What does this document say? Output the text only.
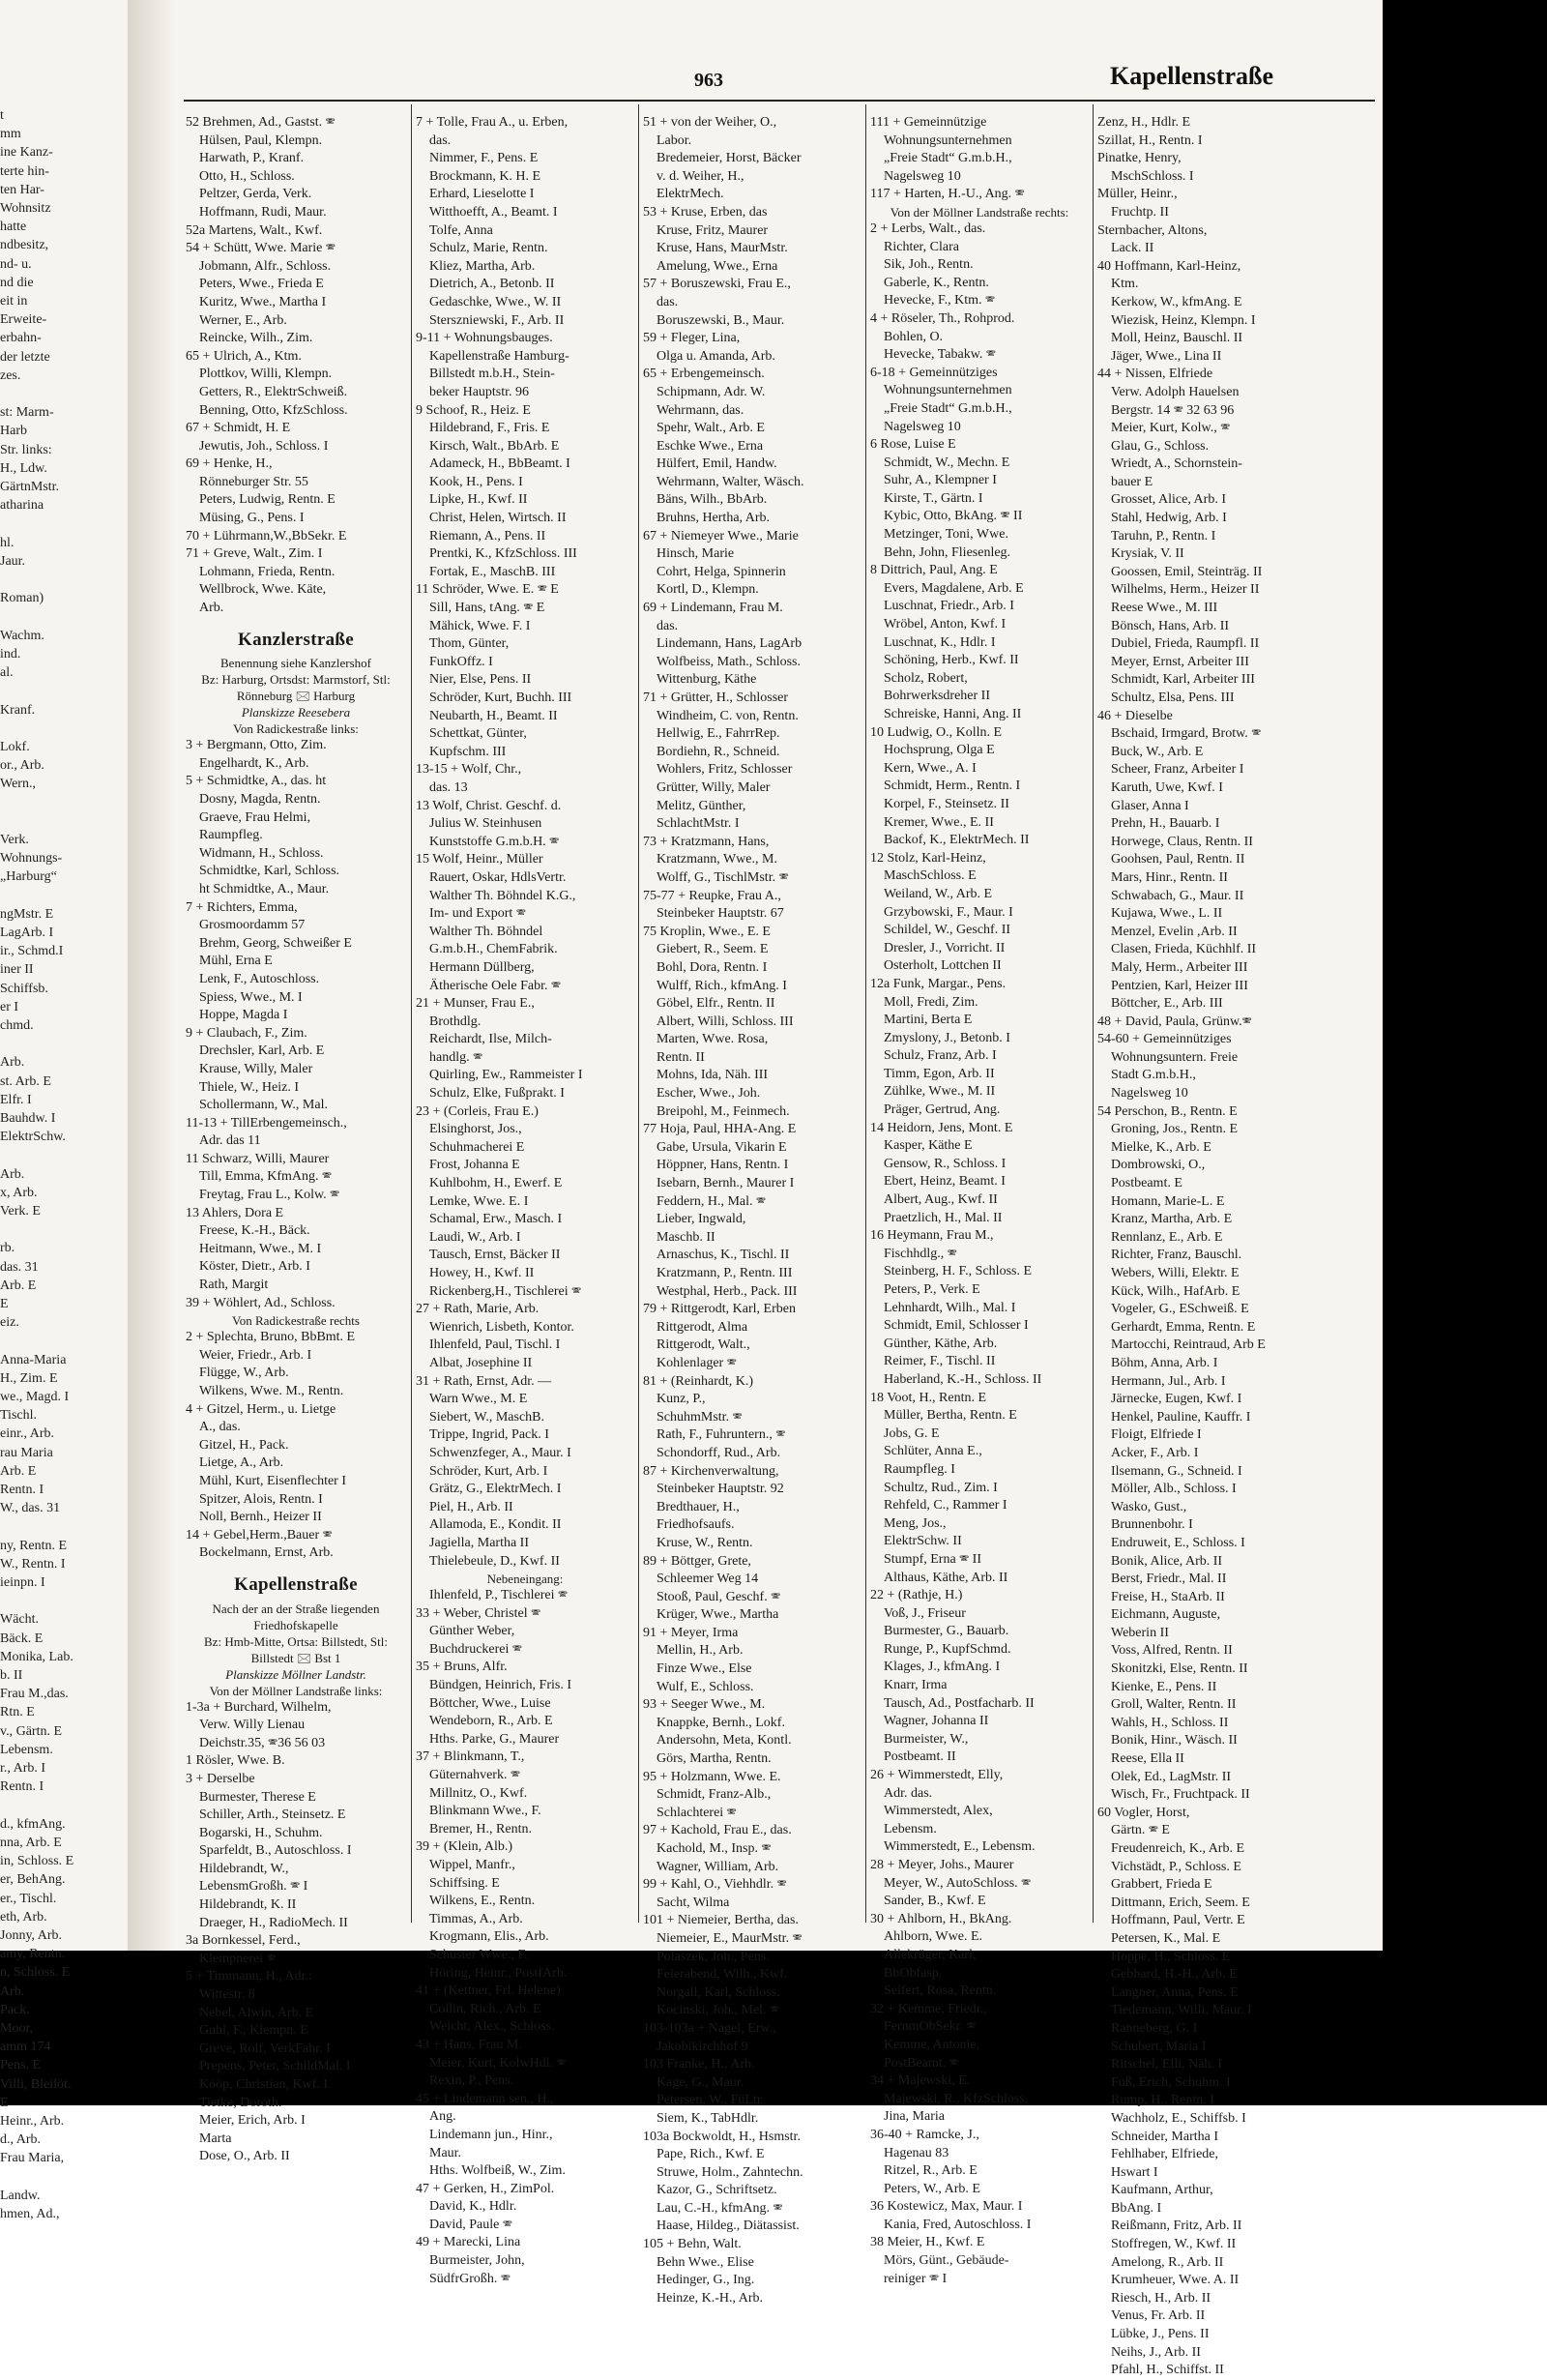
t
mm
ine Kanz-
terte hin-
ten Har-
Wohnsitz
hatte
ndbesitz,
nd- u.
nd die
eit in
Erweite-
erbahn-
der letzte
zes.

st: Marm-
Harb
Str. links:
H., Ldw.
GärtnMstr.
atharina

hl.
Jaur.

Roman)

Wachm.
ind.
al.

Kranf.

Lokf.
or., Arb.
Wern.,

Verk.
Wohnungs-
„Harburg“

ngMstr. E
LagArb. I
ir., Schmd.I
iner II
Schiffsb.
er I
chmd.

Arb.
st. Arb. E
Elfr. I
Bauhdw. I
ElektrSchw.

Arb.
x, Arb.
Verk. E

rb.
das. 31
Arb. E
E
eiz.

Anna-Maria
H., Zim. E
we., Magd. I
Tischl.
einr., Arb.
rau Maria
Arb. E
Rentn. I
W., das. 31

ny, Rentn. E
W., Rentn. I
ieinpn. I

Wächt.
Bäck. E
Monika, Lab.
b. II
Frau M.,das.
Rtn. E
v., Gärtn. E
Lebensm.
r., Arb. I
Rentn. I

d., kfmAng.
nna, Arb. E
in, Schloss. E
er, BehAng.
er., Tischl.
eth, Arb.
Jonny, Arb.
amy, Rentn.
n, Schloss. E
Arb.
Pack.
Moor,
amm 174
Pens. E
Villi, Bleilöt.
E
Heinr., Arb.
d., Arb.
Frau Maria,

Landw.
hmen, Ad.,
963	Kapellenstraße
52 Brehmen, Ad., Gastst. 🕾
Hülsen, Paul, Klempn.
Harwath, P., Kranf.
Otto, H., Schloss.
Peltzer, Gerda, Verk.
Hoffmann, Rudi, Maur.
52a Martens, Walt., Kwf.
54 + Schütt, Wwe. Marie 🕾
Jobmann, Alfr., Schloss.
Peters, Wwe., Frieda E
Kuritz, Wwe., Martha I
Werner, E., Arb.
Reincke, Wilh., Zim.
65 + Ulrich, A., Ktm.
Plottkov, Willi, Klempn.
Getters, R., ElektrSchweiß.
Benning, Otto, KfzSchloss.
67 + Schmidt, H. E
Jewutis, Joh., Schloss. I
69 + Henke, H.,
Rönneburger Str. 55
Peters, Ludwig, Rentn. E
Müsing, G., Pens. I
70 + Lührmann,W.,BbSekr. E
71 + Greve, Walt., Zim. I
Lohmann, Frieda, Rentn.
Wellbrock, Wwe. Käte,
Arb.
Kanzlerstraße
Benennung siehe Kanzlershof
Bz: Harburg, Ortsdst: Marmstorf, Stl: Rönneburg 🖂 Harburg
Planskizze Reesebera
Von Radickestraße links:
3 + Bergmann, Otto, Zim.
Engelhardt, K., Arb.
5 + Schmidtke, A., das. ht
Dosny, Magda, Rentn.
Graeve, Frau Helmi,
Raumpfleg.
Widmann, H., Schloss.
Schmidtke, Karl, Schloss.
ht Schmidtke, A., Maur.
7 + Richters, Emma,
Grosmoordamm 57
Brehm, Georg, Schweißer E
Mühl, Erna E
Lenk, F., Autoschloss.
Spiess, Wwe., M. I
Hoppe, Magda I
9 + Claubach, F., Zim.
Drechsler, Karl, Arb. E
Krause, Willy, Maler
Thiele, W., Heiz. I
Schollermann, W., Mal.
11-13 + TillErbengemeinsch.,
Adr. das 11
11 Schwarz, Willi, Maurer
Till, Emma, KfmAng. 🕾
Freytag, Frau L., Kolw. 🕾
13 Ahlers, Dora E
Freese, K.-H., Bäck.
Heitmann, Wwe., M. I
Köster, Dietr., Arb. I
Rath, Margit
39 + Wöhlert, Ad., Schloss.
Von Radickestraße rechts
2 + Splechta, Bruno, BbBmt. E
Weier, Friedr., Arb. I
Flügge, W., Arb.
Wilkens, Wwe. M., Rentn.
4 + Gitzel, Herm., u. Lietge
A., das.
Gitzel, H., Pack.
Lietge, A., Arb.
Mühl, Kurt, Eisenflechter I
Spitzer, Alois, Rentn. I
Noll, Bernh., Heizer II
14 + Gebel,Herm.,Bauer 🕾
Bockelmann, Ernst, Arb.
Kapellenstraße
Nach der an der Straße liegenden Friedhofskapelle
Bz: Hmb-Mitte, Ortsa: Billstedt, Stl: Billstedt 🖂 Bst 1
Planskizze Möllner Landstr.
Von der Möllner Landstraße links:
1-3a + Burchard, Wilhelm,
Verw. Willy Lienau
Deichstr.35, 🕾36 56 03
1 Rösler, Wwe. B.
3 + Derselbe
Burmester, Therese E
Schiller, Arth., Steinsetz. E
Bogarski, H., Schuhm.
Sparfeldt, B., Autoschloss. I
Hildebrandt, W.,
LebensmGroßh. 🕾 I
Hildebrandt, K. II
Draeger, H., RadioMech. II
3a Bornkessel, Ferd.,
Klempnerei 🕾
5 + Timmann, H., Adr.:
Wittestr. 8
Nebel, Alwin, Arb. E
Guhl, F., Klempn. E
Greve, Rolf, VerkFahr. I
Prepens, Peter, SchildMal. I
Kööp, Christian, Kwf. I
Tietke, Doroth.
Meier, Erich, Arb. I
Marta
Dose, O., Arb. II
7 + Tolle, Frau A., u. Erben,
das.
Nimmer, F., Pens. E
Brockmann, K. H. E
Erhard, Lieselotte I
Witthoefft, A., Beamt. I
Tolfe, Anna
Schulz, Marie, Rentn.
Kliez, Martha, Arb.
Dietrich, A., Betonb. II
Gedaschke, Wwe., W. II
Sterszniewski, F., Arb. II
9-11 + Wohnungsbauges.
Kapellenstraße Hamburg-
Billstedt m.b.H., Stein-
beker Hauptstr. 96
9 Schoof, R., Heiz. E
Hildebrand, F., Fris. E
Kirsch, Walt., BbArb. E
Adameck, H., BbBeamt. I
Kook, H., Pens. I
Lipke, H., Kwf. II
Christ, Helen, Wirtsch. II
Riemann, A., Pens. II
Prentki, K., KfzSchloss. III
Fortak, E., MaschB. III
11 Schröder, Wwe. E. 🕾 E
Sill, Hans, tAng. 🕾 E
Mähick, Wwe. F. I
Thom, Günter,
FunkOffz. I
Nier, Else, Pens. II
Schröder, Kurt, Buchh. III
Neubarth, H., Beamt. II
Schettkat, Günter,
Kupfschm. III
13-15 + Wolf, Chr.,
das. 13
13 Wolf, Christ. Geschf. d.
Julius W. Steinhusen
Kunststoffe G.m.b.H. 🕾
15 Wolf, Heinr., Müller
Rauert, Oskar, HdlsVertr.
Walther Th. Böhndel K.G.,
Im- und Export 🕾
Walther Th. Böhndel
G.m.b.H., ChemFabrik.
Hermann Düllberg,
Ätherische Oele Fabr. 🕾
21 + Munser, Frau E.,
Brothdlg.
Reichardt, Ilse, Milch-
handlg. 🕾
Quirling, Ew., Rammeister I
Schulz, Elke, Fußprakt. I
23 + (Corleis, Frau E.)
Elsinghorst, Jos.,
Schuhmacherei E
Frost, Johanna E
Kuhlbohm, H., Ewerf. E
Lemke, Wwe. E. I
Schamal, Erw., Masch. I
Laudi, W., Arb. I
Tausch, Ernst, Bäcker II
Howey, H., Kwf. II
Rickenberg,H., Tischlerei 🕾
27 + Rath, Marie, Arb.
Wienrich, Lisbeth, Kontor.
Ihlenfeld, Paul, Tischl. I
Albat, Josephine II
31 + Rath, Ernst, Adr. —
Warn Wwe., M. E
Siebert, W., MaschB.
Trippe, Ingrid, Pack. I
Schwenzfeger, A., Maur. I
Schröder, Kurt, Arb. I
Grätz, G., ElektrMech. I
Piel, H., Arb. II
Allamoda, E., Kondit. II
Jagiella, Martha II
Thielebeule, D., Kwf. II
Nebeneingang:
Ihlenfeld, P., Tischlerei 🕾
33 + Weber, Christel 🕾
Günther Weber,
Buchdruckerei 🕾
35 + Bruns, Alfr.
Bündgen, Heinrich, Fris. I
Böttcher, Wwe., Luise
Wendeborn, R., Arb. E
Hths. Parke, G., Maurer
37 + Blinkmann, T.,
Güternahverk. 🕾
Millnitz, O., Kwf.
Blinkmann Wwe., F.
Bremer, H., Rentn.
39 + (Klein, Alb.)
Wippel, Manfr.,
Schiffsing. E
Wilkens, E., Rentn.
Timmas, A., Arb.
Krogmann, Elis., Arb.
Schuster Wwe., F.
Höring, Heinr., PostfArb.
41 + (Kettner, Frl. Helene)
Collin, Rich., Arb. E
Weicht, Alex., Schloss.
43 + Hans, Frau M.
Meier, Kurt, KolwHdl. 🕾
Rexin, P., Pens.
45 + Lindemann sen., H.,
Ang.
Lindemann jun., Hinr.,
Maur.
Hths. Wolfbeiß, W., Zim.
47 + Gerken, H., ZimPol.
David, K., Hdlr.
David, Paule 🕾
49 + Marecki, Lina
Burmeister, John,
SüdfrGroßh. 🕾
51 + von der Weiher, O.,
Labor.
Bredemeier, Horst, Bäcker
v. d. Weiher, H.,
ElektrMech.
53 + Kruse, Erben, das
Kruse, Fritz, Maurer
Kruse, Hans, MaurMstr.
Amelung, Wwe., Erna
57 + Boruszewski, Frau E.,
das.
Boruszewski, B., Maur.
59 + Fleger, Lina,
Olga u. Amanda, Arb.
65 + Erbengemeinsch.
Schipmann, Adr. W.
Wehrmann, das.
Spehr, Walt., Arb. E
Eschke Wwe., Erna
Hülfert, Emil, Handw.
Wehrmann, Walter, Wäsch.
Bäns, Wilh., BbArb.
Bruhns, Hertha, Arb.
67 + Niemeyer Wwe., Marie
Hinsch, Marie
Cohrt, Helga, Spinnerin
Kortl, D., Klempn.
69 + Lindemann, Frau M.
das.
Lindemann, Hans, LagArb
Wolfbeiss, Math., Schloss.
Wittenburg, Käthe
71 + Grütter, H., Schlosser
Windheim, C. von, Rentn.
Hellwig, E., FahrrRep.
Bordiehn, R., Schneid.
Wohlers, Fritz, Schlosser
Grütter, Willy, Maler
Melitz, Günther,
SchlachtMstr. I
73 + Kratzmann, Hans,
Kratzmann, Wwe., M.
Wolff, G., TischlMstr. 🕾
75-77 + Reupke, Frau A.,
Steinbeker Hauptstr. 67
75 Kroplin, Wwe., E. E
Giebert, R., Seem. E
Bohl, Dora, Rentn. I
Wulff, Rich., kfmAng. I
Göbel, Elfr., Rentn. II
Albert, Willi, Schloss. III
Marten, Wwe. Rosa,
Rentn. II
Mohns, Ida, Näh. III
Escher, Wwe., Joh.
Breipohl, M., Feinmech.
77 Hoja, Paul, HHA-Ang. E
Gabe, Ursula, Vikarin E
Höppner, Hans, Rentn. I
Isebarn, Bernh., Maurer I
Feddern, H., Mal. 🕾
Lieber, Ingwald,
Maschb. II
Arnaschus, K., Tischl. II
Kratzmann, P., Rentn. III
Westphal, Herb., Pack. III
79 + Rittgerodt, Karl, Erben
Rittgerodt, Alma
Rittgerodt, Walt.,
Kohlenlager 🕾
81 + (Reinhardt, K.)
Kunz, P.,
SchuhmMstr. 🕾
Rath, F., Fuhruntern., 🕾
Schondorff, Rud., Arb.
87 + Kirchenverwaltung,
Steinbeker Hauptstr. 92
Bredthauer, H.,
Friedhofsaufs.
Kruse, W., Rentn.
89 + Böttger, Grete,
Schleemer Weg 14
Stooß, Paul, Geschf. 🕾
Krüger, Wwe., Martha
91 + Meyer, Irma
Mellin, H., Arb.
Finze Wwe., Else
Wulf, E., Schloss.
93 + Seeger Wwe., M.
Knappke, Bernh., Lokf.
Andersohn, Meta, Kontl.
Görs, Martha, Rentn.
95 + Holzmann, Wwe. E.
Schmidt, Franz-Alb.,
Schlachterei 🕾
97 + Kachold, Frau E., das.
Kachold, M., Insp. 🕾
Wagner, William, Arb.
99 + Kahl, O., Viehhdlr. 🕾
Sacht, Wilma
101 + Niemeier, Bertha, das.
Niemeier, E., MaurMstr. 🕾
Polaszek, Joh., Pens.
Feierabend, Wilh., Kwf.
Norgall, Karl, Schloss.
Kocinski, Joh., Mel. 🕾
103-103a + Nagel, Erw.,
Jakobikirchhof 9
103 Franke, H., Arb.
Kage, G., Maur.
Petersen, W., FüLtr.
Siem, K., TabHdlr.
103a Bockwoldt, H., Hsmstr.
Pape, Rich., Kwf. E
Struwe, Holm., Zahntechn.
Kazor, G., Schriftsetz.
Lau, C.-H., kfmAng. 🕾
Haase, Hildeg., Diätassist.
105 + Behn, Walt.
Behn Wwe., Elise
Hedinger, G., Ing.
Heinze, K.-H., Arb.
111 + Gemeinnützige
Wohnungsunternehmen
„Freie Stadt“ G.m.b.H.,
Nagelsweg 10
117 + Harten, H.-U., Ang. 🕾
Von der Möllner Landstraße rechts:
2 + Lerbs, Walt., das.
Richter, Clara
Sik, Joh., Rentn.
Gaberle, K., Rentn.
Hevecke, F., Ktm. 🕾
4 + Röseler, Th., Rohprod.
Bohlen, O.
Hevecke, Tabakw. 🕾
6-18 + Gemeinnütziges
Wohnungsunternehmen
„Freie Stadt“ G.m.b.H.,
Nagelsweg 10
6 Rose, Luise E
Schmidt, W., Mechn. E
Suhr, A., Klempner I
Kirste, T., Gärtn. I
Kybic, Otto, BkAng. 🕾 II
Metzinger, Toni, Wwe.
Behn, John, Fliesenleg.
8 Dittrich, Paul, Ang. E
Evers, Magdalene, Arb. E
Luschnat, Friedr., Arb. I
Wröbel, Anton, Kwf. I
Luschnat, K., Hdlr. I
Schöning, Herb., Kwf. II
Scholz, Robert,
Bohrwerksdreher II
Schreiske, Hanni, Ang. II
10 Ludwig, O., Kolln. E
Hochsprung, Olga E
Kern, Wwe., A. I
Schmidt, Herm., Rentn. I
Korpel, F., Steinsetz. II
Kremer, Wwe., E. II
Backof, K., ElektrMech. II
12 Stolz, Karl-Heinz,
MaschSchloss. E
Weiland, W., Arb. E
Grzybowski, F., Maur. I
Schildel, W., Geschf. II
Dresler, J., Vorricht. II
Osterholt, Lottchen II
12a Funk, Margar., Pens.
Moll, Fredi, Zim.
Martini, Berta E
Zmyslony, J., Betonb. I
Schulz, Franz, Arb. I
Timm, Egon, Arb. II
Zühlke, Wwe., M. II
Präger, Gertrud, Ang.
14 Heidorn, Jens, Mont. E
Kasper, Käthe E
Gensow, R., Schloss. I
Ebert, Heinz, Beamt. I
Albert, Aug., Kwf. II
Praetzlich, H., Mal. II
16 Heymann, Frau M.,
Fischhdlg., 🕾
Steinberg, H. F., Schloss. E
Peters, P., Verk. E
Lehnhardt, Wilh., Mal. I
Schmidt, Emil, Schlosser I
Günther, Käthe, Arb.
Reimer, F., Tischl. II
Haberland, K.-H., Schloss. II
18 Voot, H., Rentn. E
Müller, Bertha, Rentn. E
Jobs, G. E
Schlüter, Anna E.,
Raumpfleg. I
Schultz, Rud., Zim. I
Rehfeld, C., Rammer I
Meng, Jos.,
ElektrSchw. II
Stumpf, Erna 🕾 II
Althaus, Käthe, Arb. II
22 + (Rathje, H.)
Voß, J., Friseur
Burmester, G., Bauarb.
Runge, P., KupfSchmd.
Klages, J., kfmAng. I
Knarr, Irma
Tausch, Ad., Postfacharb. II
Wagner, Johanna II
Burmeister, W.,
Postbeamt. II
26 + Wimmerstedt, Elly,
Adr. das.
Wimmerstedt, Alex,
Lebensm.
Wimmerstedt, E., Lebensm.
28 + Meyer, Johs., Maurer
Meyer, W., AutoSchloss. 🕾
Sander, B., Kwf. E
30 + Ahlborn, H., BkAng.
Ahlborn, Wwe. E.
Allekrüger, Karl,
BbObfasp.
Seifert, Rosa, Rentn.
32 + Kemme, Friedr.,
FernmObSekr. 🕾
Kemme, Antonie,
PostBeamt. 🕾
34 + Majewski, E.
Majewski, R., KfzSchloss.
Jina, Maria
36-40 + Ramcke, J.,
Hagenau 83
Ritzel, R., Arb. E
Peters, W., Arb. E
36 Kostewicz, Max, Maur. I
Kania, Fred, Autoschloss. I
38 Meier, H., Kwf. E
Mörs, Günt., Gebäude-
reiniger 🕾 I
Zenz, H., Hdlr. E
Szillat, H., Rentn. I
Pinatke, Henry,
MschSchloss. I
Müller, Heinr.,
Fruchtp. II
Sternbacher, Altons,
Lack. II
40 Hoffmann, Karl-Heinz,
Ktm.
Kerkow, W., kfmAng. E
Wiezisk, Heinz, Klempn. I
Moll, Heinz, Bauschl. II
Jäger, Wwe., Lina II
44 + Nissen, Elfriede
Verw. Adolph Hauelsen
Bergstr. 14 🕾 32 63 96
Meier, Kurt, Kolw., 🕾
Glau, G., Schloss.
Wriedt, A., Schornstein-
bauer E
Grosset, Alice, Arb. I
Stahl, Hedwig, Arb. I
Taruhn, P., Rentn. I
Krysiak, V. II
Goossen, Emil, Steinträg. II
Wilhelms, Herm., Heizer II
Reese Wwe., M. III
Bönsch, Hans, Arb. II
Dubiel, Frieda, Raumpfl. II
Meyer, Ernst, Arbeiter III
Schmidt, Karl, Arbeiter III
Schultz, Elsa, Pens. III
46 + Dieselbe
Bschaid, Irmgard, Brotw. 🕾
Buck, W., Arb. E
Scheer, Franz, Arbeiter I
Karuth, Uwe, Kwf. I
Glaser, Anna I
Prehn, H., Bauarb. I
Horwege, Claus, Rentn. II
Goohsen, Paul, Rentn. II
Mars, Hinr., Rentn. II
Schwabach, G., Maur. II
Kujawa, Wwe., L. II
Menzel, Evelin ,Arb. II
Clasen, Frieda, Küchhlf. II
Maly, Herm., Arbeiter III
Pentzien, Karl, Heizer III
Böttcher, E., Arb. III
48 + David, Paula, Grünw.🕾
54-60 + Gemeinnütziges
Wohnungsuntern. Freie
Stadt G.m.b.H.,
Nagelsweg 10
54 Perschon, B., Rentn. E
Groning, Jos., Rentn. E
Mielke, K., Arb. E
Dombrowski, O.,
Postbeamt. E
Homann, Marie-L. E
Kranz, Martha, Arb. E
Rennlanz, E., Arb. E
Richter, Franz, Bauschl.
Webers, Willi, Elektr. E
Kück, Wilh., HafArb. E
Vogeler, G., ESchweiß. E
Gerhardt, Emma, Rentn. E
Martocchi, Reintraud, Arb E
Böhm, Anna, Arb. I
Hermann, Jul., Arb. I
Järnecke, Eugen, Kwf. I
Henkel, Pauline, Kauffr. I
Floigt, Elfriede I
Acker, F., Arb. I
Ilsemann, G., Schneid. I
Möller, Alb., Schloss. I
Wasko, Gust.,
Brunnenbohr. I
Endruweit, E., Schloss. I
Bonik, Alice, Arb. II
Berst, Friedr., Mal. II
Freise, H., StaArb. II
Eichmann, Auguste,
Weberin II
Voss, Alfred, Rentn. II
Skonitzki, Else, Rentn. II
Kienke, E., Pens. II
Groll, Walter, Rentn. II
Wahls, H., Schloss. II
Bonik, Hinr., Wäsch. II
Reese, Ella II
Olek, Ed., LagMstr. II
Wisch, Fr., Fruchtpack. II
60 Vogler, Horst,
Gärtn. 🕾 E
Freudenreich, K., Arb. E
Vichstädt, P., Schloss. E
Grabbert, Frieda E
Dittmann, Erich, Seem. E
Hoffmann, Paul, Vertr. E
Petersen, K., Mal. E
Hoppe, H., Schloss. E
Gebhard, H.-H., Arb. E
Langner, Anna, Pens. E
Tiedemann, Willi, Maur. I
Ranneberg, G. I
Schubert, Maria I
Ritschel, Elli, Näh. I
Fuß, Erich, Schuhm. I
Rump, H., Rentn. I
Wachholz, E., Schiffsb. I
Schneider, Martha I
Fehlhaber, Elfriede,
Hswart I
Kaufmann, Arthur,
BbAng. I
Reißmann, Fritz, Arb. II
Stoffregen, W., Kwf. II
Amelong, R., Arb. II
Krumheuer, Wwe. A. II
Riesch, H., Arb. II
Venus, Fr. Arb. II
Lübke, J., Pens. II
Neihs, J., Arb. II
Pfahl, H., Schiffst. II
